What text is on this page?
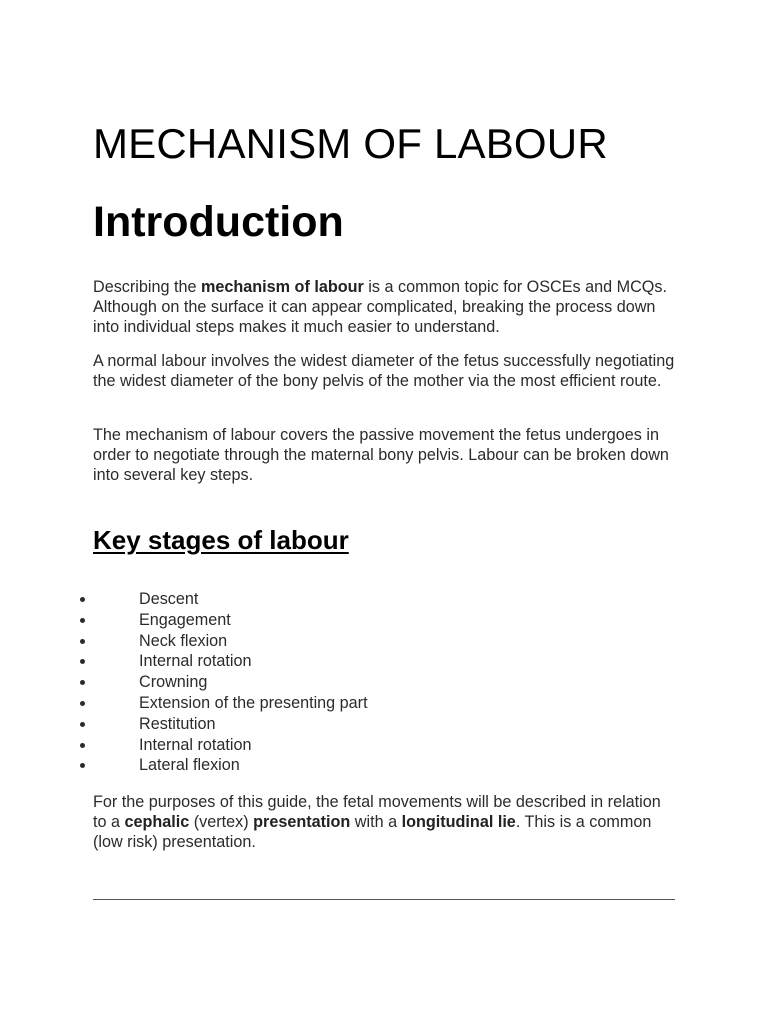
MECHANISM OF LABOUR
Introduction

Describing the mechanism of labour is a common topic for OSCEs and MCQs. Although on the surface it can appear complicated, breaking the process down into individual steps makes it much easier to understand.

A normal labour involves the widest diameter of the fetus successfully negotiating the widest diameter of the bony pelvis of the mother via the most efficient route.

The mechanism of labour covers the passive movement the fetus undergoes in order to negotiate through the maternal bony pelvis. Labour can be broken down into several key steps.

Key stages of labour
Descent
Engagement
Neck flexion
Internal rotation
Crowning
Extension of the presenting part
Restitution
Internal rotation
Lateral flexion

For the purposes of this guide, the fetal movements will be described in relation to a cephalic (vertex) presentation with a longitudinal lie. This is a common (low risk) presentation.
